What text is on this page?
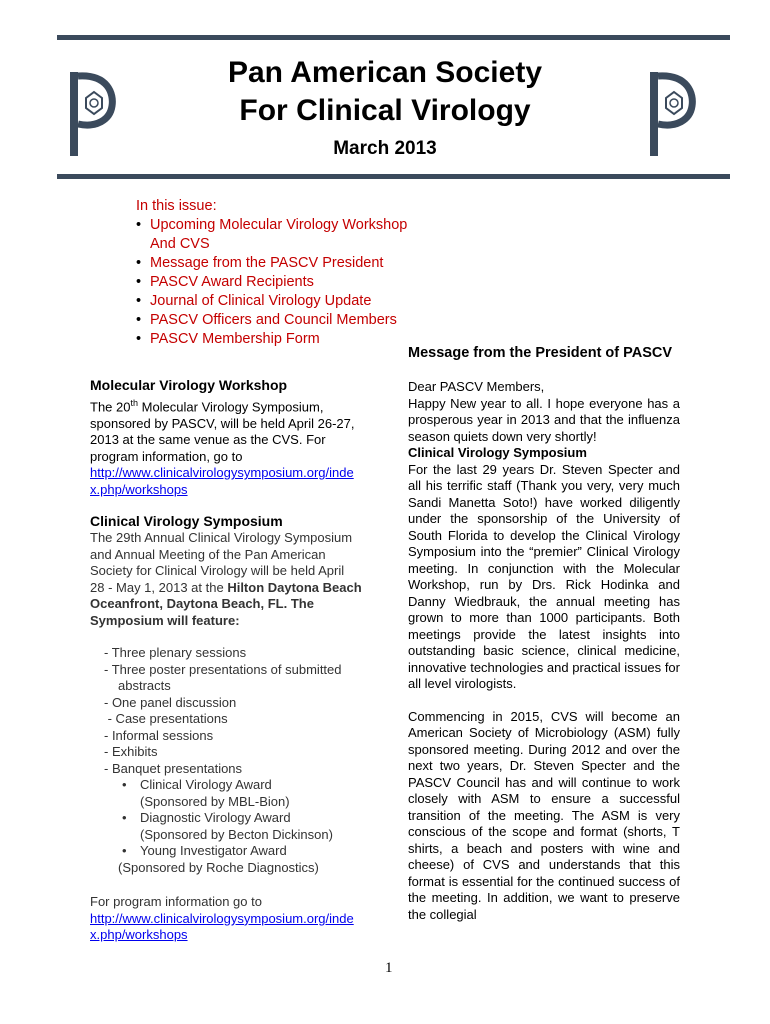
Pan American Society
For Clinical Virology
March 2013
In this issue:
• Upcoming Molecular Virology Workshop
And CVS
• Message from the PASCV President
• PASCV Award Recipients
• Journal of Clinical Virology Update
• PASCV Officers and Council Members
• PASCV Membership Form
Molecular Virology Workshop
The 20th Molecular Virology Symposium, sponsored by PASCV, will be held April 26-27, 2013 at the same venue as the CVS. For program information, go to
http://www.clinicalvirologysymposium.org/index.php/workshops
Clinical Virology Symposium
The 29th Annual Clinical Virology Symposium and Annual Meeting of the Pan American Society for Clinical Virology will be held April 28 - May 1, 2013 at the Hilton Daytona Beach Oceanfront, Daytona Beach, FL. The Symposium will feature:
- Three plenary sessions
- Three poster presentations of submitted
abstracts
- One panel discussion
- Case presentations
- Informal sessions
- Exhibits
- Banquet presentations
• Clinical Virology Award (Sponsored by MBL-Bion)
• Diagnostic Virology Award (Sponsored by Becton Dickinson)
• Young Investigator Award
(Sponsored by Roche Diagnostics)
For program information go to
http://www.clinicalvirologysymposium.org/index.php/workshops
Message from the President of PASCV
Dear PASCV Members,
Happy New year to all. I hope everyone has a prosperous year in 2013 and that the influenza season quiets down very shortly!
Clinical Virology Symposium
For the last 29 years Dr. Steven Specter and all his terrific staff (Thank you very, very much Sandi Manetta Soto!) have worked diligently under the sponsorship of the University of South Florida to develop the Clinical Virology Symposium into the “premier” Clinical Virology meeting. In conjunction with the Molecular Workshop, run by Drs. Rick Hodinka and Danny Wiedbrauk, the annual meeting has grown to more than 1000 participants. Both meetings provide the latest insights into outstanding basic science, clinical medicine, innovative technologies and practical issues for all level virologists.
Commencing in 2015, CVS will become an American Society of Microbiology (ASM) fully sponsored meeting. During 2012 and over the next two years, Dr. Steven Specter and the PASCV Council has and will continue to work closely with ASM to ensure a successful transition of the meeting. The ASM is very conscious of the scope and format (shorts, T shirts, a beach and posters with wine and cheese) of CVS and understands that this format is essential for the continued success of the meeting. In addition, we want to preserve the collegial
1
